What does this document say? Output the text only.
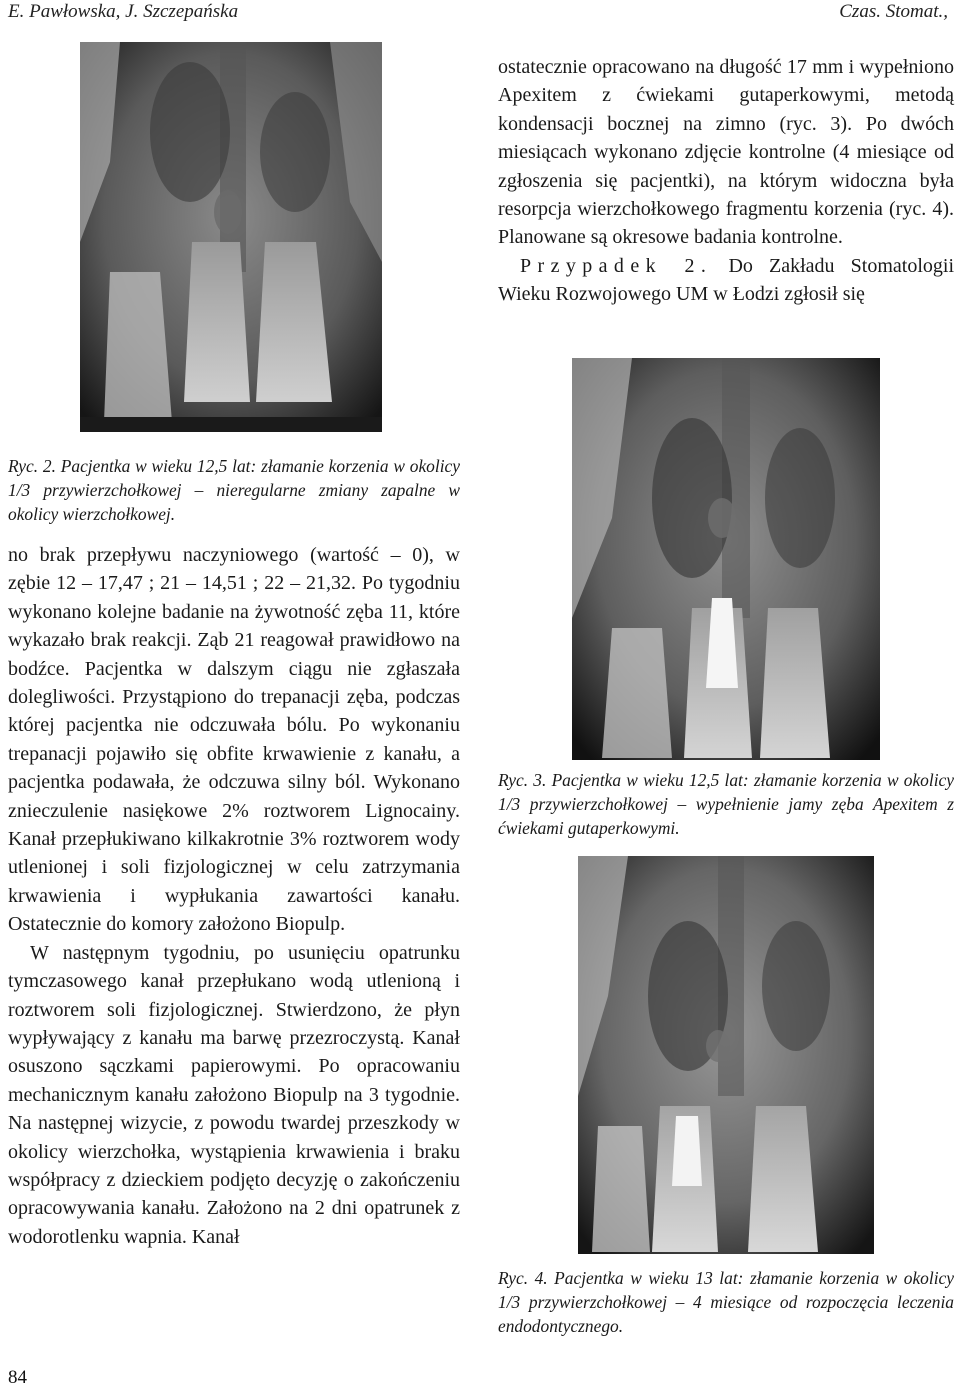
E. Pawłowska, J. Szczepańska	Czas. Stomat.,

ostatecznie opracowano na długość 17 mm i wypełniono Apexitem z ćwiekami gutaperkowymi, metodą kondensacji bocznej na zimno (ryc. 3). Po dwóch miesiącach wykonano zdjęcie kontrolne (4 miesiące od zgłoszenia się pacjentki), na którym widoczna była resorpcja wierzchołkowego fragmentu korzenia (ryc. 4). Planowane są okresowe badania kontrolne.

Przypadek 2. Do Zakładu Stomatologii Wieku Rozwojowego UM w Łodzi zgłosił się

Ryc. 2. Pacjentka w wieku 12,5 lat: złamanie korzenia w okolicy 1/3 przywierzchołkowej – nieregularne zmiany zapalne w okolicy wierzchołkowej.

no brak przepływu naczyniowego (wartość – 0), w zębie 12 – 17,47 ; 21 – 14,51 ; 22 – 21,32. Po tygodniu wykonano kolejne badanie na żywotność zęba 11, które wykazało brak reakcji. Ząb 21 reagował prawidłowo na bodźce. Pacjentka w dalszym ciągu nie zgłaszała dolegliwości. Przystąpiono do trepanacji zęba, podczas której pacjentka nie odczuwała bólu. Po wykonaniu trepanacji pojawiło się obfite krwawienie z kanału, a pacjentka podawała, że odczuwa silny ból. Wykonano znieczulenie nasiękowe 2% roztworem Lignocainy. Kanał przepłukiwano kilkakrotnie 3% roztworem wody utlenionej i soli fizjologicznej w celu zatrzymania krwawienia i wypłukania zawartości kanału. Ostatecznie do komory założono Biopulp.

W następnym tygodniu, po usunięciu opatrunku tymczasowego kanał przepłukano wodą utlenioną i roztworem soli fizjologicznej. Stwierdzono, że płyn wypływający z kanału ma barwę przezroczystą. Kanał osuszono sączkami papierowymi. Po opracowaniu mechanicznym kanału założono Biopulp na 3 tygodnie. Na następnej wizycie, z powodu twardej przeszkody w okolicy wierzchołka, wystąpienia krwawienia i braku współpracy z dzieckiem podjęto decyzję o zakończeniu opracowywania kanału. Założono na 2 dni opatrunek z wodorotlenku wapnia. Kanał

Ryc. 3. Pacjentka w wieku 12,5 lat: złamanie korzenia w okolicy 1/3 przywierzchołkowej – wypełnienie jamy zęba Apexitem z ćwiekami gutaperkowymi.
Ryc. 4. Pacjentka w wieku 13 lat: złamanie korzenia w okolicy 1/3 przywierzchołkowej – 4 miesiące od rozpoczęcia leczenia endodontycznego.
84
